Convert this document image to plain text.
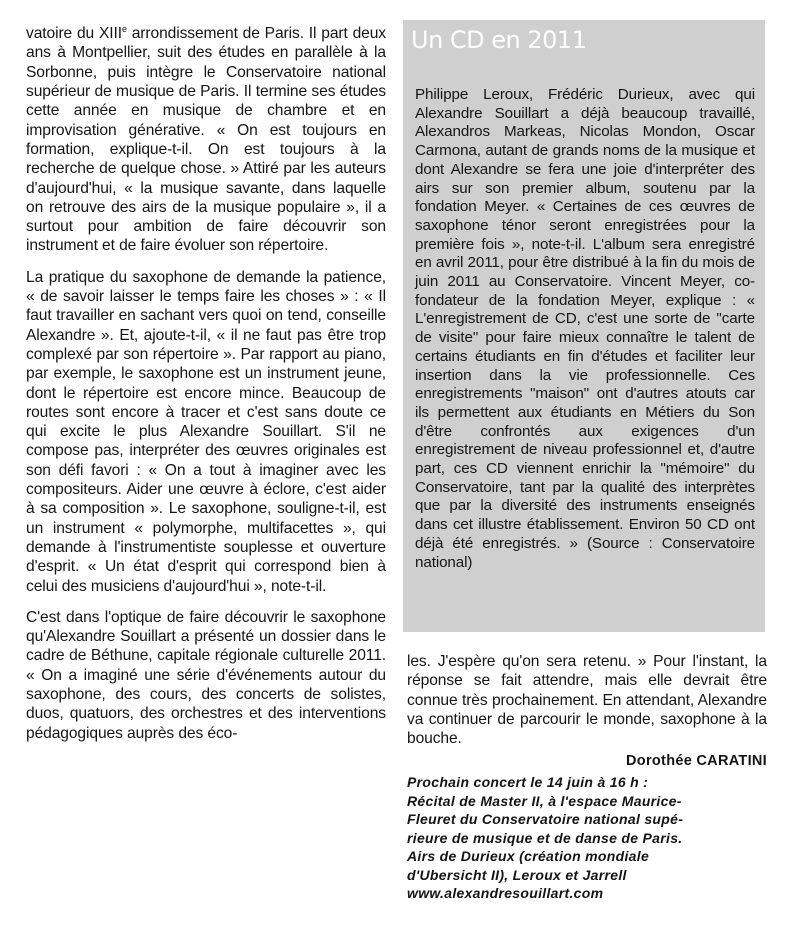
vatoire du XIIIe arrondissement de Paris. Il part deux ans à Montpellier, suit des études en parallèle à la Sorbonne, puis intègre le Conservatoire national supérieur de musique de Paris. Il termine ses études cette année en musique de chambre et en improvisation générative. « On est toujours en formation, explique-t-il. On est toujours à la recherche de quelque chose. » Attiré par les auteurs d'aujourd'hui, « la musique savante, dans laquelle on retrouve des airs de la musique populaire », il a surtout pour ambition de faire découvrir son instrument et de faire évoluer son répertoire.

La pratique du saxophone de demande la patience, « de savoir laisser le temps faire les choses » : « Il faut travailler en sachant vers quoi on tend, conseille Alexandre ». Et, ajoute-t-il, « il ne faut pas être trop complexé par son répertoire ». Par rapport au piano, par exemple, le saxophone est un instrument jeune, dont le répertoire est encore mince. Beaucoup de routes sont encore à tracer et c'est sans doute ce qui excite le plus Alexandre Souillart. S'il ne compose pas, interpréter des œuvres originales est son défi favori : « On a tout à imaginer avec les compositeurs. Aider une œuvre à éclore, c'est aider à sa composition ». Le saxophone, souligne-t-il, est un instrument « polymorphe, multifacettes », qui demande à l'instrumentiste souplesse et ouverture d'esprit. « Un état d'esprit qui correspond bien à celui des musiciens d'aujourd'hui », note-t-il.

C'est dans l'optique de faire découvrir le saxophone qu'Alexandre Souillart a présenté un dossier dans le cadre de Béthune, capitale régionale culturelle 2011. « On a imaginé une série d'événements autour du saxophone, des cours, des concerts de solistes, duos, quatuors, des orchestres et des interventions pédagogiques auprès des éco-

Un CD en 2011

Philippe Leroux, Frédéric Durieux, avec qui Alexandre Souillart a déjà beaucoup travaillé, Alexandros Markeas, Nicolas Mondon, Oscar Carmona, autant de grands noms de la musique et dont Alexandre se fera une joie d'interpréter des airs sur son premier album, soutenu par la fondation Meyer. « Certaines de ces œuvres de saxophone ténor seront enregistrées pour la première fois », note-t-il. L'album sera enregistré en avril 2011, pour être distribué à la fin du mois de juin 2011 au Conservatoire. Vincent Meyer, co-fondateur de la fondation Meyer, explique : « L'enregistrement de CD, c'est une sorte de "carte de visite" pour faire mieux connaître le talent de certains étudiants en fin d'études et faciliter leur insertion dans la vie professionnelle. Ces enregistrements "maison" ont d'autres atouts car ils permettent aux étudiants en Métiers du Son d'être confrontés aux exigences d'un enregistrement de niveau professionnel et, d'autre part, ces CD viennent enrichir la "mémoire" du Conservatoire, tant par la qualité des interprètes que par la diversité des instruments enseignés dans cet illustre établissement. Environ 50 CD ont déjà été enregistrés. » (Source : Conservatoire national)

les. J'espère qu'on sera retenu. » Pour l'instant, la réponse se fait attendre, mais elle devrait être connue très prochainement. En attendant, Alexandre va continuer de parcourir le monde, saxophone à la bouche.

Dorothée CARATINI
Prochain concert le 14 juin à 16 h :
Récital de Master II, à l'espace Maurice-
Fleuret du Conservatoire national supé-
rieure de musique et de danse de Paris.
Airs de Durieux (création mondiale
d'Ubersicht II), Leroux et Jarrell
www.alexandresouillart.com
